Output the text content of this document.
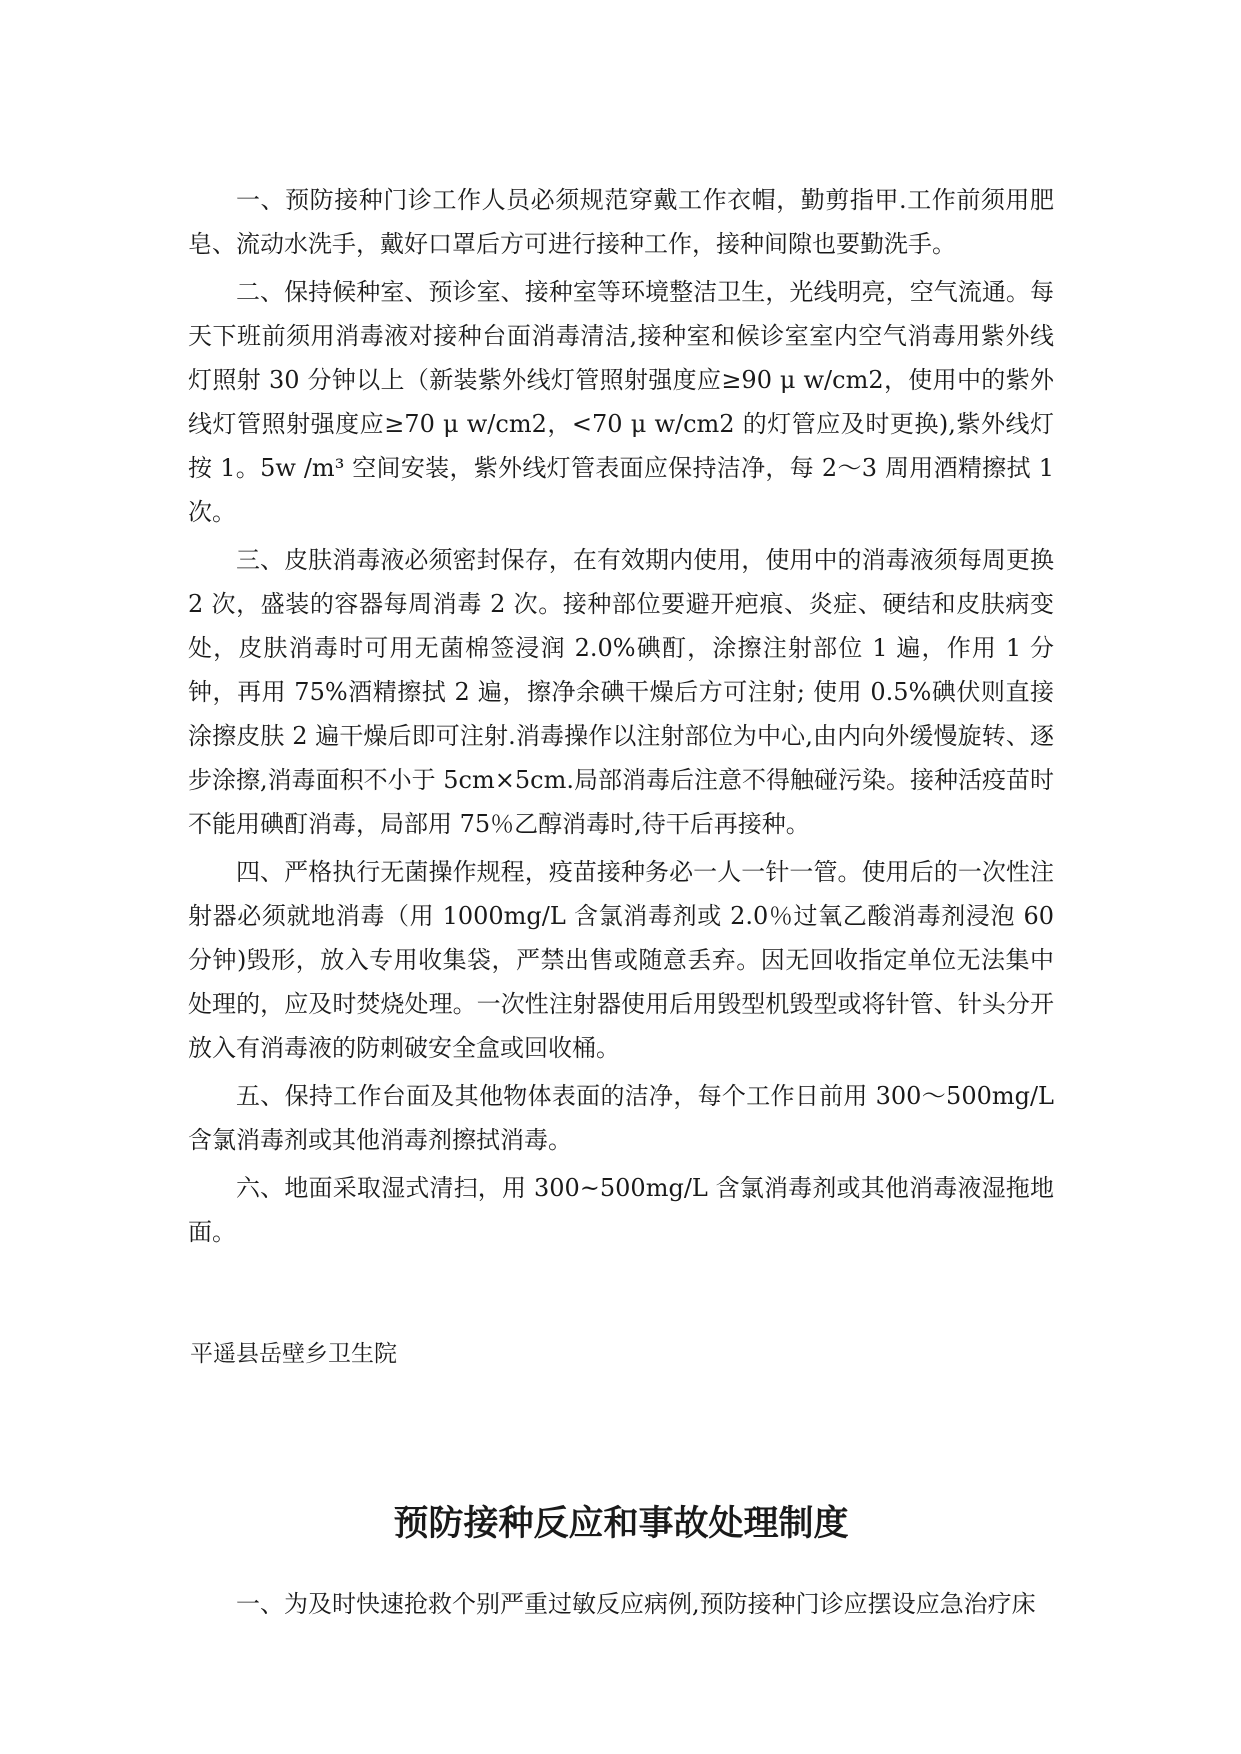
一、预防接种门诊工作人员必须规范穿戴工作衣帽，勤剪指甲.工作前须用肥皂、流动水洗手，戴好口罩后方可进行接种工作，接种间隙也要勤洗手。

二、保持候种室、预诊室、接种室等环境整洁卫生，光线明亮，空气流通。每天下班前须用消毒液对接种台面消毒清洁,接种室和候诊室室内空气消毒用紫外线灯照射 30 分钟以上（新装紫外线灯管照射强度应≥90 μ w/cm2，使用中的紫外线灯管照射强度应≥70 μ w/cm2，<70 μ w/cm2 的灯管应及时更换),紫外线灯按 1。5w /m³ 空间安装，紫外线灯管表面应保持洁净，每 2～3 周用酒精擦拭 1 次。

三、皮肤消毒液必须密封保存，在有效期内使用，使用中的消毒液须每周更换 2 次，盛装的容器每周消毒 2 次。接种部位要避开疤痕、炎症、硬结和皮肤病变处，皮肤消毒时可用无菌棉签浸润 2.0%碘酊，涂擦注射部位 1 遍，作用 1 分钟，再用 75%酒精擦拭 2 遍，擦净余碘干燥后方可注射; 使用 0.5%碘伏则直接涂擦皮肤 2 遍干燥后即可注射.消毒操作以注射部位为中心,由内向外缓慢旋转、逐步涂擦,消毒面积不小于 5cm×5cm.局部消毒后注意不得触碰污染。接种活疫苗时不能用碘酊消毒，局部用 75％乙醇消毒时,待干后再接种。

四、严格执行无菌操作规程，疫苗接种务必一人一针一管。使用后的一次性注射器必须就地消毒（用 1000mg/L 含氯消毒剂或 2.0％过氧乙酸消毒剂浸泡 60分钟)毁形，放入专用收集袋，严禁出售或随意丢弃。因无回收指定单位无法集中处理的，应及时焚烧处理。一次性注射器使用后用毁型机毁型或将针管、针头分开放入有消毒液的防刺破安全盒或回收桶。

五、保持工作台面及其他物体表面的洁净，每个工作日前用 300～500mg/L含氯消毒剂或其他消毒剂擦拭消毒。

六、地面采取湿式清扫，用 300~500mg/L 含氯消毒剂或其他消毒液湿拖地面。

平遥县岳壁乡卫生院
预防接种反应和事故处理制度

一、为及时快速抢救个别严重过敏反应病例,预防接种门诊应摆设应急治疗床
